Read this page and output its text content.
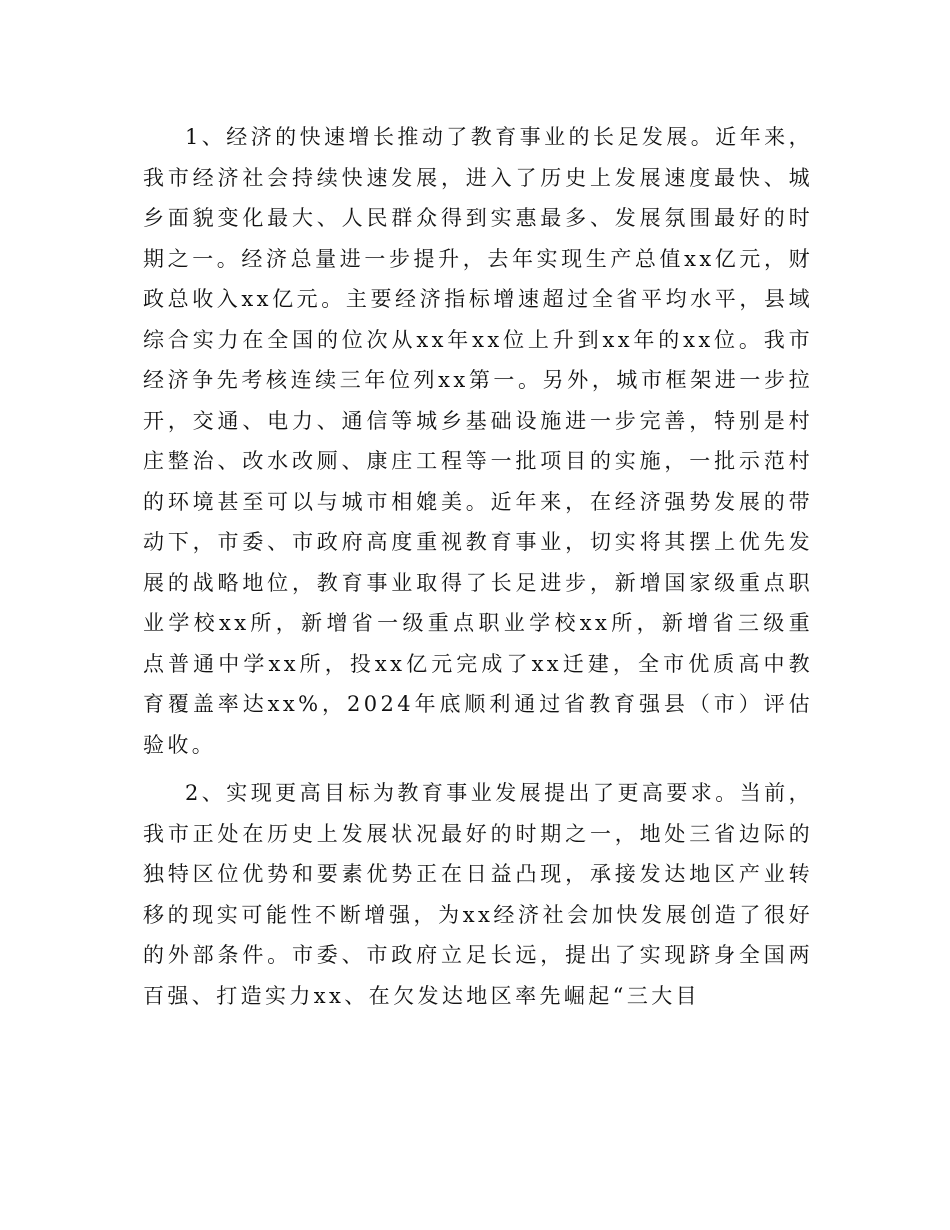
1、经济的快速增长推动了教育事业的长足发展。近年来，我市经济社会持续快速发展，进入了历史上发展速度最快、城乡面貌变化最大、人民群众得到实惠最多、发展氛围最好的时期之一。经济总量进一步提升，去年实现生产总值xx亿元，财政总收入xx亿元。主要经济指标增速超过全省平均水平，县域综合实力在全国的位次从xx年xx位上升到xx年的xx位。我市经济争先考核连续三年位列xx第一。另外，城市框架进一步拉开，交通、电力、通信等城乡基础设施进一步完善，特别是村庄整治、改水改厕、康庄工程等一批项目的实施，一批示范村的环境甚至可以与城市相媲美。近年来，在经济强势发展的带动下，市委、市政府高度重视教育事业，切实将其摆上优先发展的战略地位，教育事业取得了长足进步，新增国家级重点职业学校xx所，新增省一级重点职业学校xx所，新增省三级重点普通中学xx所，投xx亿元完成了xx迁建，全市优质高中教育覆盖率达xx%，2024年底顺利通过省教育强县（市）评估验收。

2、实现更高目标为教育事业发展提出了更高要求。当前，我市正处在历史上发展状况最好的时期之一，地处三省边际的独特区位优势和要素优势正在日益凸现，承接发达地区产业转移的现实可能性不断增强，为xx经济社会加快发展创造了很好的外部条件。市委、市政府立足长远，提出了实现跻身全国两百强、打造实力xx、在欠发达地区率先崛起“三大目
